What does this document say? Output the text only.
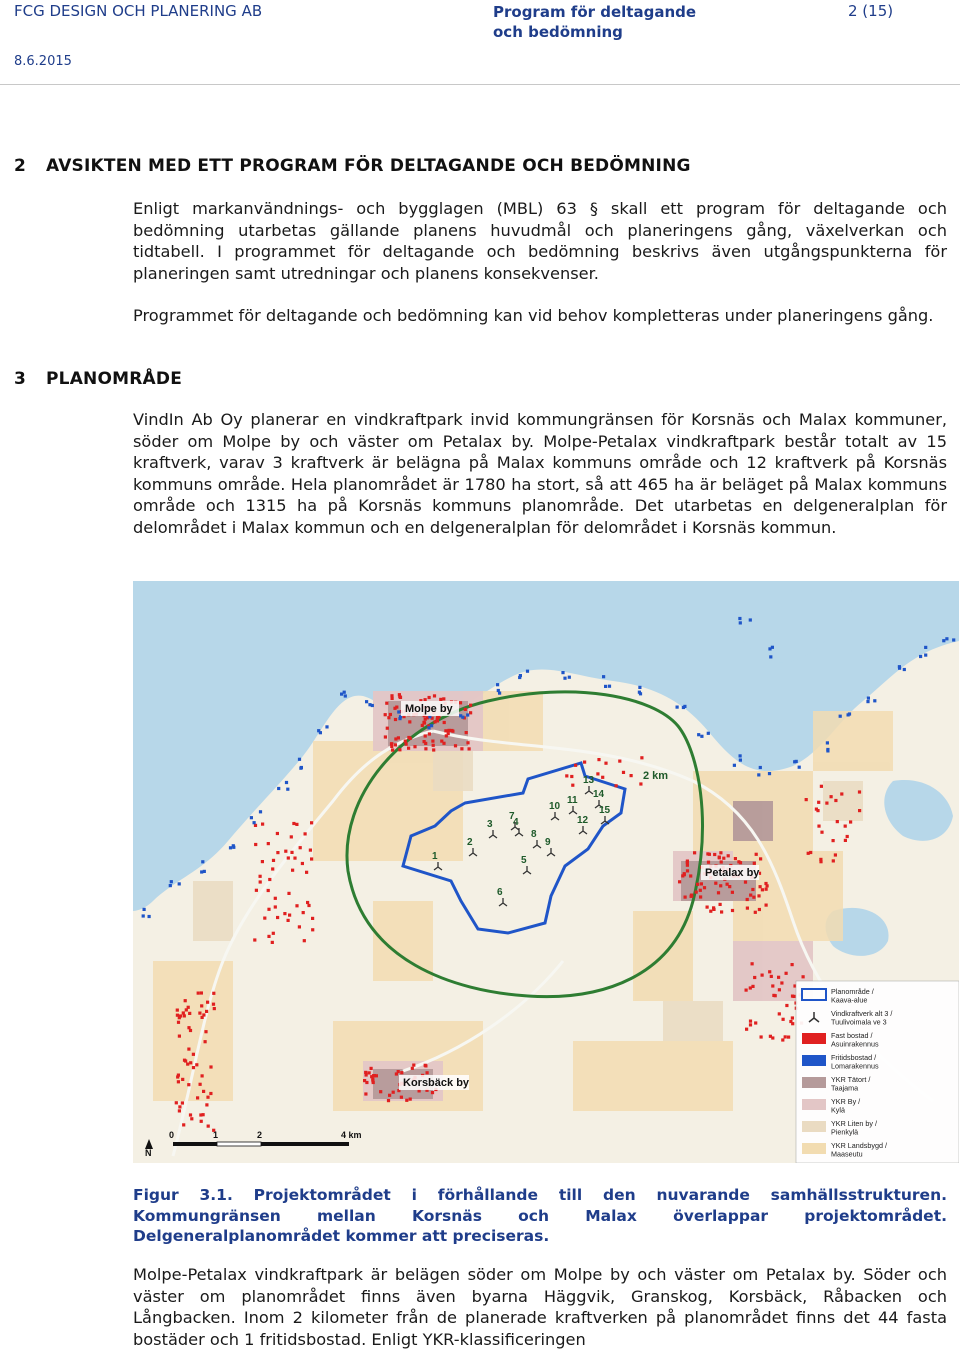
FCG DESIGN OCH PLANERING AB	Program för deltagande och bedömning
2 (15)
8.6.2015
2 AVSIKTEN MED ETT PROGRAM FÖR DELTAGANDE OCH BEDÖMNING
Enligt markanvändnings- och bygglagen (MBL) 63 § skall ett program för deltagande och bedömning utarbetas gällande planens huvudmål och planeringens gång, växelverkan och tidtabell. I programmet för deltagande och bedömning beskrivs även utgångspunkterna för planeringen samt utredningar och planens konsekvenser.
Programmet för deltagande och bedömning kan vid behov kompletteras under planeringens gång.
3 PLANOMRÅDE
VindIn Ab Oy planerar en vindkraftpark invid kommungränsen för Korsnäs och Malax kommuner, söder om Molpe by och väster om Petalax by. Molpe-Petalax vindkraftpark består totalt av 15 kraftverk, varav 3 kraftverk är belägna på Malax kommuns område och 12 kraftverk på Korsnäs kommuns område. Hela planområdet är 1780 ha stort, så att 465 ha är beläget på Malax kommuns område och 1315 ha på Korsnäs kommuns planområde. Det utarbetas en delgeneralplan för delområdet i Malax kommun och en delgeneralplan för delområdet i Korsnäs kommun.
1
2
3 4
5
6
7
8
9
10
11
12
13
14
15
Molpe by
Petalax by
Korsbäck by
2 km
N
0	1	2	4 km
Planområde / Kaava-alue
Vindkraftverk alt 3 / Tuulivoimala ve 3
Fast bostad / Asuinrakennus
Fritidsbostad / Lomarakennus
YKR Tätort / Taajama
YKR By / Kylä
YKR Liten by / Pienkylä
YKR Landsbygd / Maaseutu
Figur 3.1. Projektområdet i förhållande till den nuvarande samhällsstrukturen.
Kommungränsen mellan Korsnäs och Malax överlappar projektområdet.
Delgeneralplanområdet kommer att preciseras.
Molpe-Petalax vindkraftpark är belägen söder om Molpe by och väster om Petalax by. Söder och väster om planområdet finns även byarna Häggvik, Granskog, Korsbäck, Råbacken och Långbacken. Inom 2 kilometer från de planerade kraftverken på planområdet finns det 44 fasta bostäder och 1 fritidsbostad. Enligt YKR-klassificeringen
